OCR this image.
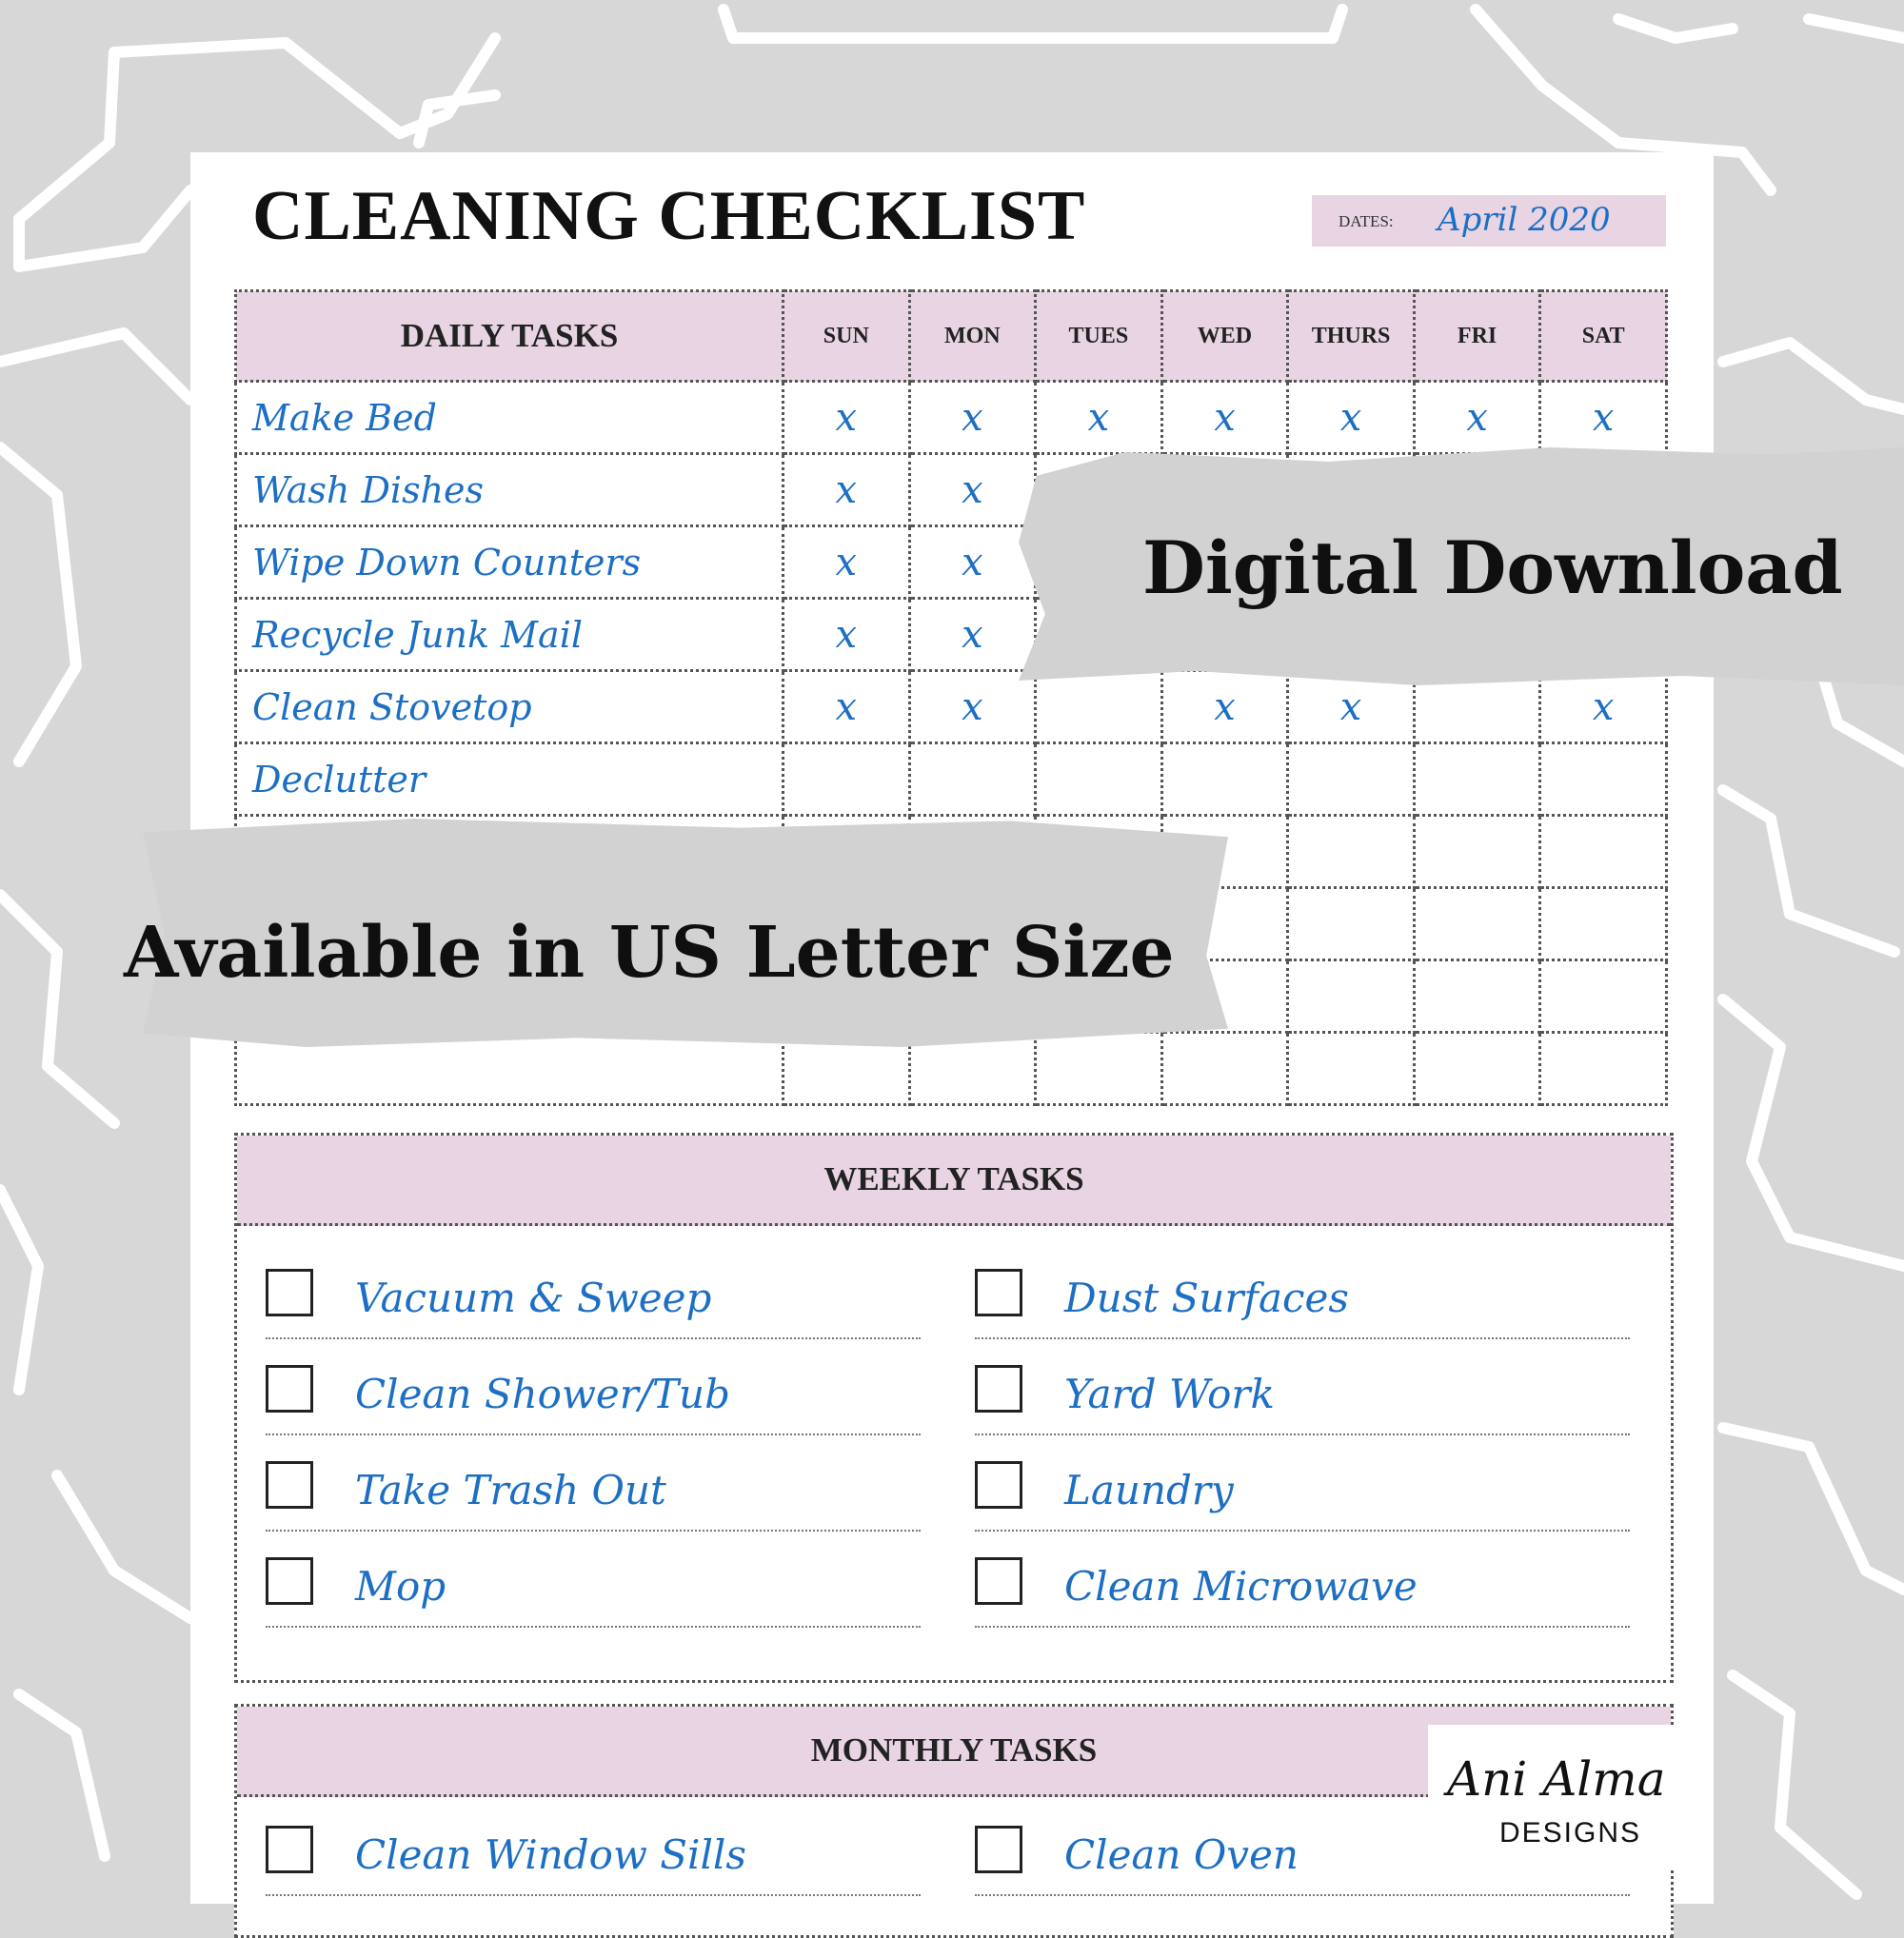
CLEANING CHECKLIST	DATES: April 2020
DAILY TASKS	SUN	MON	TUES	WED	THURS	FRI	SAT
Make Bed	x	x	x	x	x	x	x
Wash Dishes	x	x					
Wipe Down Counters	x	x					
Recycle Junk Mail	x	x					
Clean Stovetop	x	x		x	x		x
Declutter							

WEEKLY TASKS
Vacuum & Sweep
Clean Shower/Tub
Take Trash Out
Mop
Dust Surfaces
Yard Work
Laundry
Clean Microwave
MONTHLY TASKS
Clean Window Sills	Clean Oven
Digital Download
Available in US Letter Size
Ani Alma
DESIGNS
